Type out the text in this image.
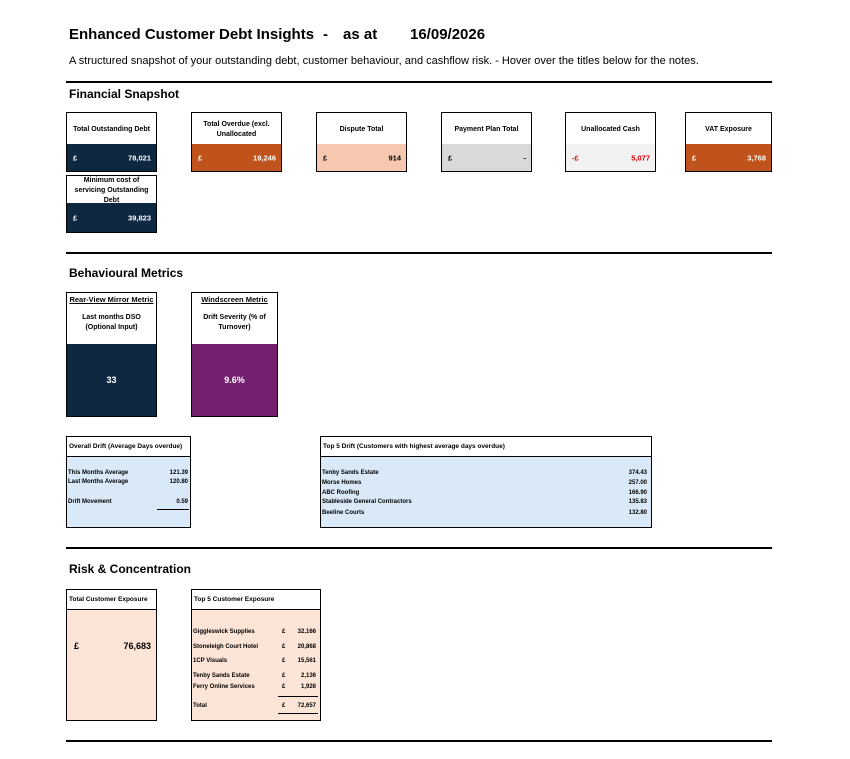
Enhanced Customer Debt Insights

-

as at

16/09/2026

A structured snapshot of your outstanding debt, customer behaviour, and cashflow risk. - Hover over the titles below for the notes.
Financial Snapshot
Total Outstanding Debt
£	78,021
Total Overdue (excl. Unallocated
£	19,246
Dispute Total
£	914
Payment Plan Total
£	-
Unallocated Cash
-£	5,077
VAT Exposure
£	3,768
Minimum cost of servicing Outstanding Debt
£	39,823
Behavioural Metrics
Rear-View Mirror Metric
Last months DSO (Optional Input)
33
Windscreen Metric
Drift Severity (% of Turnover)
9.6%
Overall Drift (Average Days overdue)
This Months Average	121.39
Last Months Average	120.80
Drift Movement	0.59
Top 5 Drift (Customers with highest average days overdue)
Tenby Sands Estate	374.43
Morse Homes	257.00
ABC Roofing	166.90
Stableside General Contractors	135.83
Beeline Courts	132.80
Risk & Concentration
Total Customer Exposure
£	76,683
Top 5 Customer Exposure
Giggleswick Supplies	£ 32,166
Stoneleigh Court Hotel	£ 20,868
1CP Visuals	£ 15,561
Tenby Sands Estate	£	2,136
Ferry Online Services	£	1,926
Total	£ 72,657
